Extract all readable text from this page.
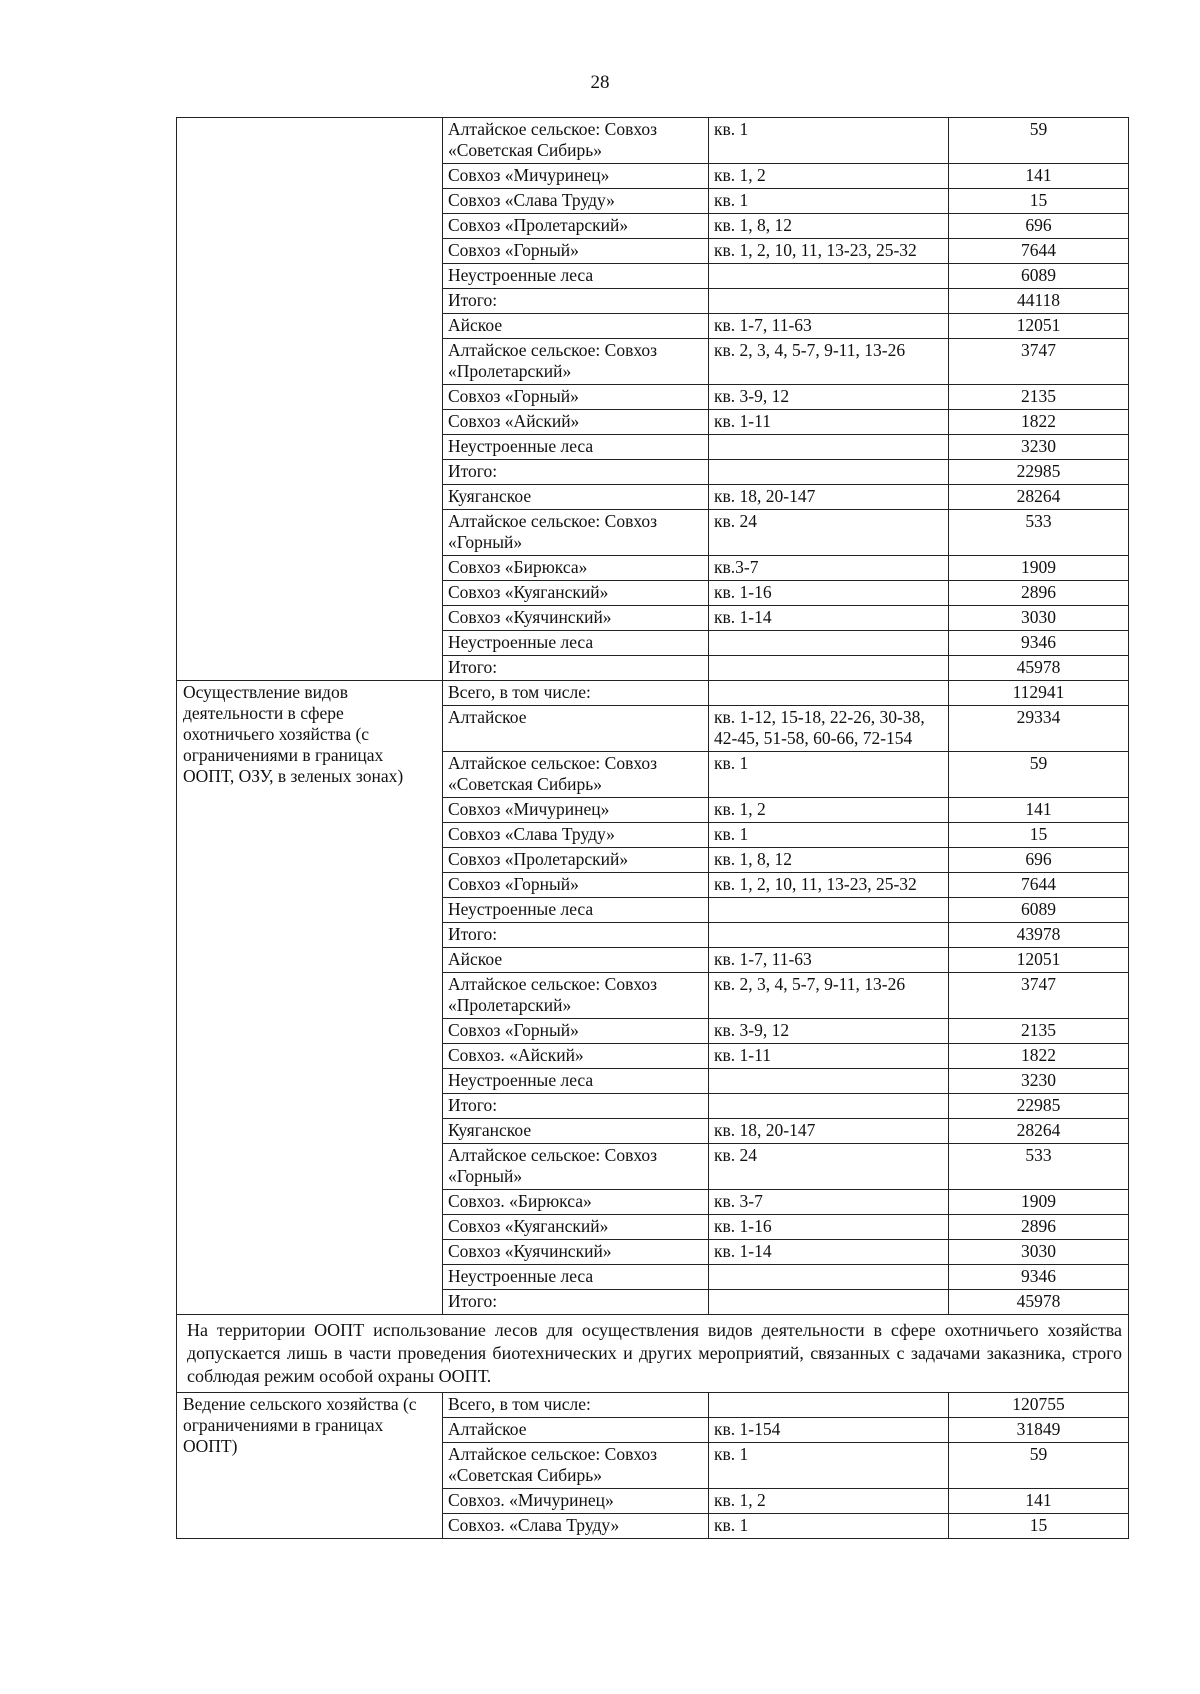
28
	Алтайское сельское: Совхоз «Советская Сибирь»	кв. 1	59
	Совхоз «Мичуринец»	кв. 1, 2	141
	Совхоз «Слава Труду»	кв. 1	15
	Совхоз «Пролетарский»	кв. 1, 8, 12	696
	Совхоз «Горный»	кв. 1, 2, 10, 11, 13-23, 25-32	7644
	Неустроенные леса		6089
	Итого:		44118
	Айское	кв. 1-7, 11-63	12051
	Алтайское сельское: Совхоз «Пролетарский»	кв. 2, 3, 4, 5-7, 9-11, 13-26	3747
	Совхоз «Горный»	кв. 3-9, 12	2135
	Совхоз «Айский»	кв. 1-11	1822
	Неустроенные леса		3230
	Итого:		22985
	Куяганское	кв. 18, 20-147	28264
	Алтайское сельское: Совхоз «Горный»	кв. 24	533
	Совхоз «Бирюкса»	кв.3-7	1909
	Совхоз «Куяганский»	кв. 1-16	2896
	Совхоз «Куячинский»	кв. 1-14	3030
	Неустроенные леса		9346
	Итого:		45978
Осуществление видов деятельности в сфере охотничьего хозяйства (с ограничениями в границах ООПТ, ОЗУ, в зеленых зонах)	Всего, в том числе:		112941
	Алтайское	кв. 1-12, 15-18, 22-26, 30-38, 42-45, 51-58, 60-66, 72-154	29334
	Алтайское сельское: Совхоз «Советская Сибирь»	кв. 1	59
	Совхоз «Мичуринец»	кв. 1, 2	141
	Совхоз «Слава Труду»	кв. 1	15
	Совхоз «Пролетарский»	кв. 1, 8, 12	696
	Совхоз «Горный»	кв. 1, 2, 10, 11, 13-23, 25-32	7644
	Неустроенные леса		6089
	Итого:		43978
	Айское	кв. 1-7, 11-63	12051
	Алтайское сельское: Совхоз «Пролетарский»	кв. 2, 3, 4, 5-7, 9-11, 13-26	3747
	Совхоз «Горный»	кв. 3-9, 12	2135
	Совхоз. «Айский»	кв. 1-11	1822
	Неустроенные леса		3230
	Итого:		22985
	Куяганское	кв. 18, 20-147	28264
	Алтайское сельское: Совхоз «Горный»	кв. 24	533
	Совхоз. «Бирюкса»	кв. 3-7	1909
	Совхоз «Куяганский»	кв. 1-16	2896
	Совхоз «Куячинский»	кв. 1-14	3030
	Неустроенные леса		9346
	Итого:		45978
На территории ООПТ использование лесов для осуществления видов деятельности в сфере охотничьего хозяйства допускается лишь в части проведения биотехнических и других мероприятий, связанных с задачами заказника, строго соблюдая режим особой охраны ООПТ.			
Ведение сельского хозяйства (с ограничениями в границах ООПТ)	Всего, в том числе:		120755
	Алтайское	кв. 1-154	31849
	Алтайское сельское: Совхоз «Советская Сибирь»	кв. 1	59
	Совхоз. «Мичуринец»	кв. 1, 2	141
	Совхоз. «Слава Труду»	кв. 1	15
